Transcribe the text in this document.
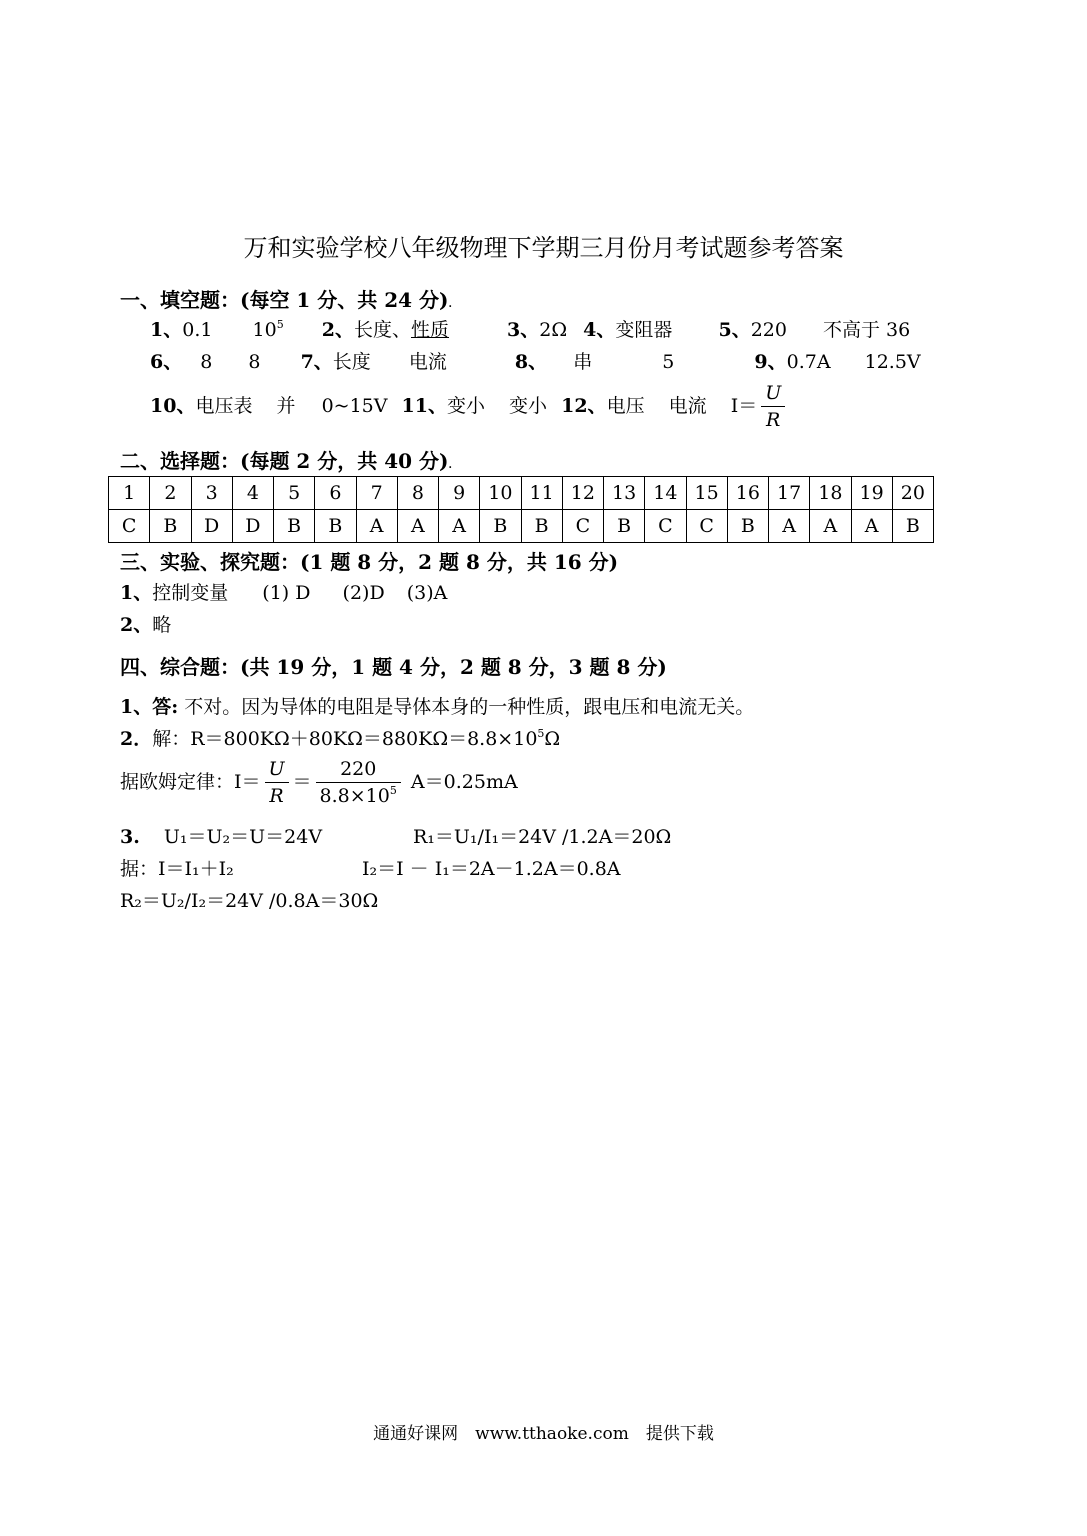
万和实验学校八年级物理下学期三月份月考试题参考答案
一、填空题：(每空 1 分、共 24 分).
1、0.1 $10^5$ 2、长度、性质	3、2Ω 4、变阻器 5、220 不高于 36
6、 8 8 7、长度 电流	8、 串	5	9、0.7A 12.5V
10、电压表 并 0~15V 11、变小 变小 12、电压 电流 $I= \frac{U}{R}$
二、选择题：(每题 2 分，共 40 分).
1	2	3	4	5	6	7	8	9	10	11	12	13	14	15	16	17	18	19	20
C	B	D	D	B	B	A	A	A	B	B	C	B	C	C	B	A	A	A	B
三、实验、探究题：(1 题 8 分，2 题 8 分，共 16 分)
1、控制变量 (1) D (2)D (3)A
2、略
四、综合题：(共 19 分，1 题 4 分，2 题 8 分，3 题 8 分)
1、答: 不对。因为导体的电阻是导体本身的一种性质，跟电压和电流无关。
2．解：$R=800K\Omega+80K\Omega=880K\Omega=8.8\times 10^5\Omega$
据欧姆定律：$I= \frac{U}{R} = \frac{220}{8.8\times 10^5} A=0.25mA$
3. U₁＝U₂＝U＝24V	R₁＝U₁/I₁＝24V /1.2A＝20Ω
据：I＝I₁＋I₂	I₂＝I － I₁＝2A－1.2A＝0.8A
R₂＝U₂/I₂＝24V /0.8A＝30Ω
通通好课网　www.tthaoke.com　提供下载
